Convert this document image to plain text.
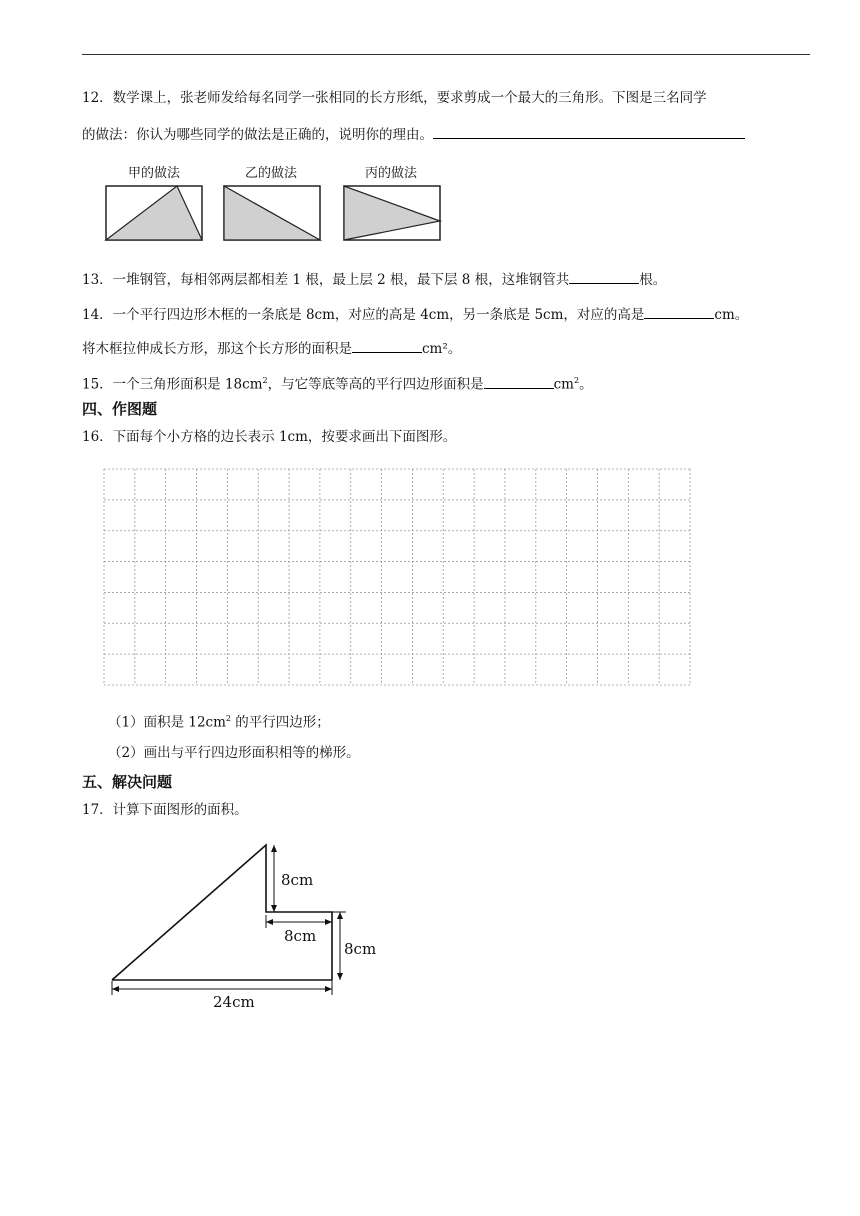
12．数学课上，张老师发给每名同学一张相同的长方形纸，要求剪成一个最大的三角形。下图是三名同学
的做法：你认为哪些同学的做法是正确的，说明你的理由。
甲的做法	乙的做法	丙的做法
13．一堆钢管，每相邻两层都相差 1 根，最上层 2 根，最下层 8 根，这堆钢管共	根。
14．一个平行四边形木框的一条底是 8cm，对应的高是 4cm，另一条底是 5cm，对应的高是	cm。
将木框拉伸成长方形，那这个长方形的面积是	cm²。
15．一个三角形面积是 $18cm^2$，与它等底等高的平行四边形面积是	$cm^2$。
四、作图题
16．下面每个小方格的边长表示 1cm，按要求画出下面图形。
（1）面积是 $12cm^2$ 的平行四边形；
（2）画出与平行四边形面积相等的梯形。
五、解决问题
17．计算下面图形的面积。
8cm
8cm
8cm
24cm
